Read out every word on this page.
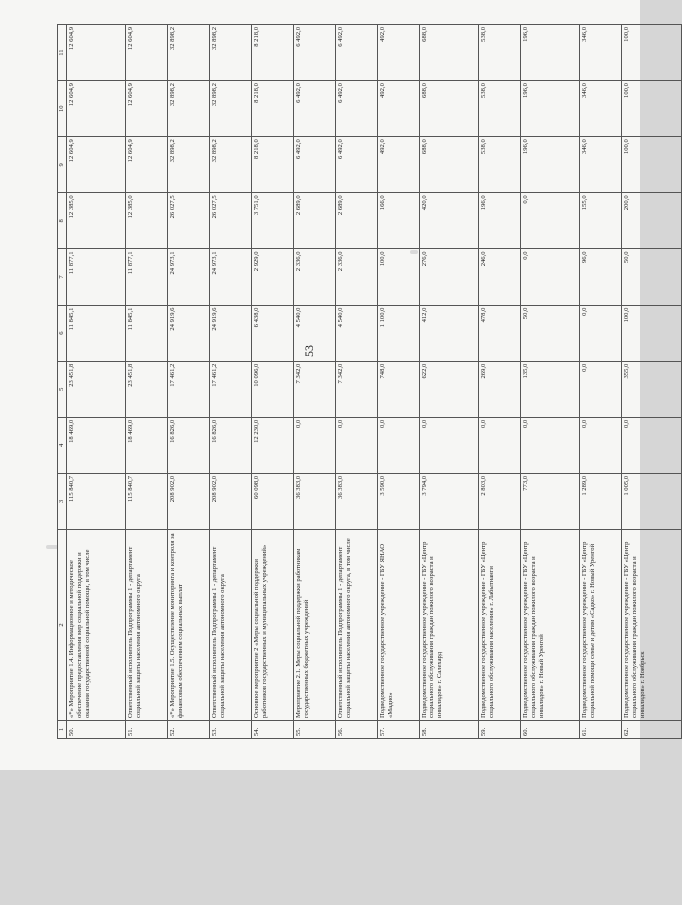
53
1	2	3	4	5	6	7	8	9	10	11
50.	«*» Мероприятие 1.4. Информационное и методическое обеспечение предоставления мер социальной поддержки и оказания государственной социальной помощи, в том числе	115 840,7	18 469,0	23 451,8	11 845,1	11 877,1	12 385,0	12 604,9	12 604,9	12 604,9
51.	Ответственный исполнитель Подпрограммы 1 - департамент социальной защиты населения автономного округа	115 840,7	18 469,0	23 451,8	11 845,1	11 877,1	12 385,0	12 604,9	12 604,9	12 604,9
52.	«*» Мероприятие 1.5. Осуществление мониторинга и контроля за финансовым обеспечением социальных выплат	208 902,0	16 826,0	17 461,2	24 919,6	24 973,1	26 027,5	32 898,2	32 898,2	32 898,2
53.	Ответственный исполнитель Подпрограммы 1 - департамент социальной защиты населения автономного округа	208 902,0	16 826,0	17 461,2	24 919,6	24 973,1	26 027,5	32 898,2	32 898,2	32 898,2
54.	Основное мероприятие 2 «Меры социальной поддержки работников государственных и муниципальных учреждений»	60 098,0	12 230,0	10 096,0	6 438,0	2 929,0	3 751,0	8 218,0	8 218,0	8 218,0
55.	Мероприятие 2.1. Меры социальной поддержки работникам государственных бюджетных учреждений	36 383,0	0,0	7 342,0	4 540,0	2 336,0	2 689,0	6 492,0	6 492,0	6 492,0
56.	Ответственный исполнитель Подпрограммы 1 - департамент социальной защиты населения автономного округа, в том числе	36 383,0	0,0	7 342,0	4 540,0	2 336,0	2 689,0	6 492,0	6 492,0	6 492,0
57.	Подведомственное государственное учреждение - ГБУ ЯНАО «Мадио»	3 590,0	0,0	748,0	1 100,0	100,0	166,0	492,0	492,0	492,0
58.	Подведомственное государственное учреждение - ГБУ «Центр социального обслуживания граждан пожилого возраста и инвалидов» г. Салехард	3 794,0	0,0	622,0	412,0	276,0	420,0	688,0	688,0	688,0
59.	Подведомственное государственное учреждение - ГБУ «Центр социального обслуживания населения» г. Лабытнанги	2 803,0	0,0	269,0	478,0	246,0	196,0	538,0	538,0	538,0
60.	Подведомственное государственное учреждение - ГБУ «Центр социального обслуживания граждан пожилого возраста и инвалидов» г. Новый Уренгой	773,0	0,0	135,0	50,0	0,0	0,0	196,0	196,0	196,0
61.	Подведомственное государственное учреждение - ГБУ «Центр социальной помощи семье и детям «Садко» г. Новый Уренгой	1 289,0	0,0	0,0	0,0	96,0	155,0	346,0	346,0	346,0
62.	Подведомственное государственное учреждение - ГБУ «Центр социального обслуживания граждан пожилого возраста и инвалидов» г. Ноябрьск	1 005,0	0,0	355,0	100,0	50,0	200,0	100,0	100,0	100,0
